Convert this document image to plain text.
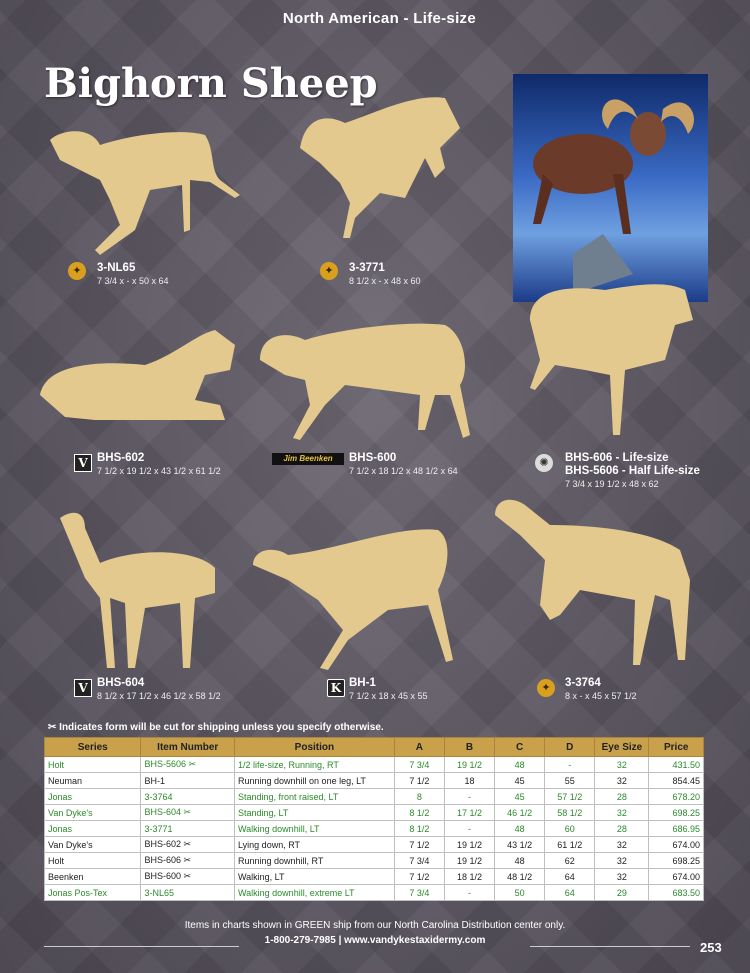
North American - Life-size
Bighorn Sheep
✦	3-NL65
7 3/4 x - x 50 x 64
✦	3-3771
8 1/2 x - x 48 x 60
V BHS-602
7 1/2 x 19 1/2 x 43 1/2 x 61 1/2
Jim Beenken	BHS-600
7 1/2 x 18 1/2 x 48 1/2 x 64
✺	BHS-606 - Life-size
BHS-5606 - Half Life-size
7 3/4 x 19 1/2 x 48 x 62
V BHS-604
8 1/2 x 17 1/2 x 46 1/2 x 58 1/2
K BH-1
7 1/2 x 18 x 45 x 55
✦	3-3764
8 x - x 45 x 57 1/2
✂ Indicates form will be cut for shipping unless you specify otherwise.
Series	Item Number	Position	A	B	C	D	Eye Size	Price
Holt	BHS-5606 ✂	1/2 life-size, Running, RT	7 3/4	19 1/2	48	-	32	431.50
Neuman	BH-1	Running downhill on one leg, LT	7 1/2	18	45	55	32	854.45
Jonas	3-3764	Standing, front raised, LT	8	-	45	57 1/2	28	678.20
Van Dyke's	BHS-604 ✂	Standing, LT	8 1/2	17 1/2	46 1/2	58 1/2	32	698.25
Jonas	3-3771	Walking downhill, LT	8 1/2	-	48	60	28	686.95
Van Dyke's	BHS-602 ✂	Lying down, RT	7 1/2	19 1/2	43 1/2	61 1/2	32	674.00
Holt	BHS-606 ✂	Running downhill, RT	7 3/4	19 1/2	48	62	32	698.25
Beenken	BHS-600 ✂	Walking, LT	7 1/2	18 1/2	48 1/2	64	32	674.00
Jonas Pos-Tex	3-NL65	Walking downhill, extreme LT	7 3/4	-	50	64	29	683.50
Items in charts shown in GREEN ship from our North Carolina Distribution center only.
1-800-279-7985 | www.vandykestaxidermy.com	253
